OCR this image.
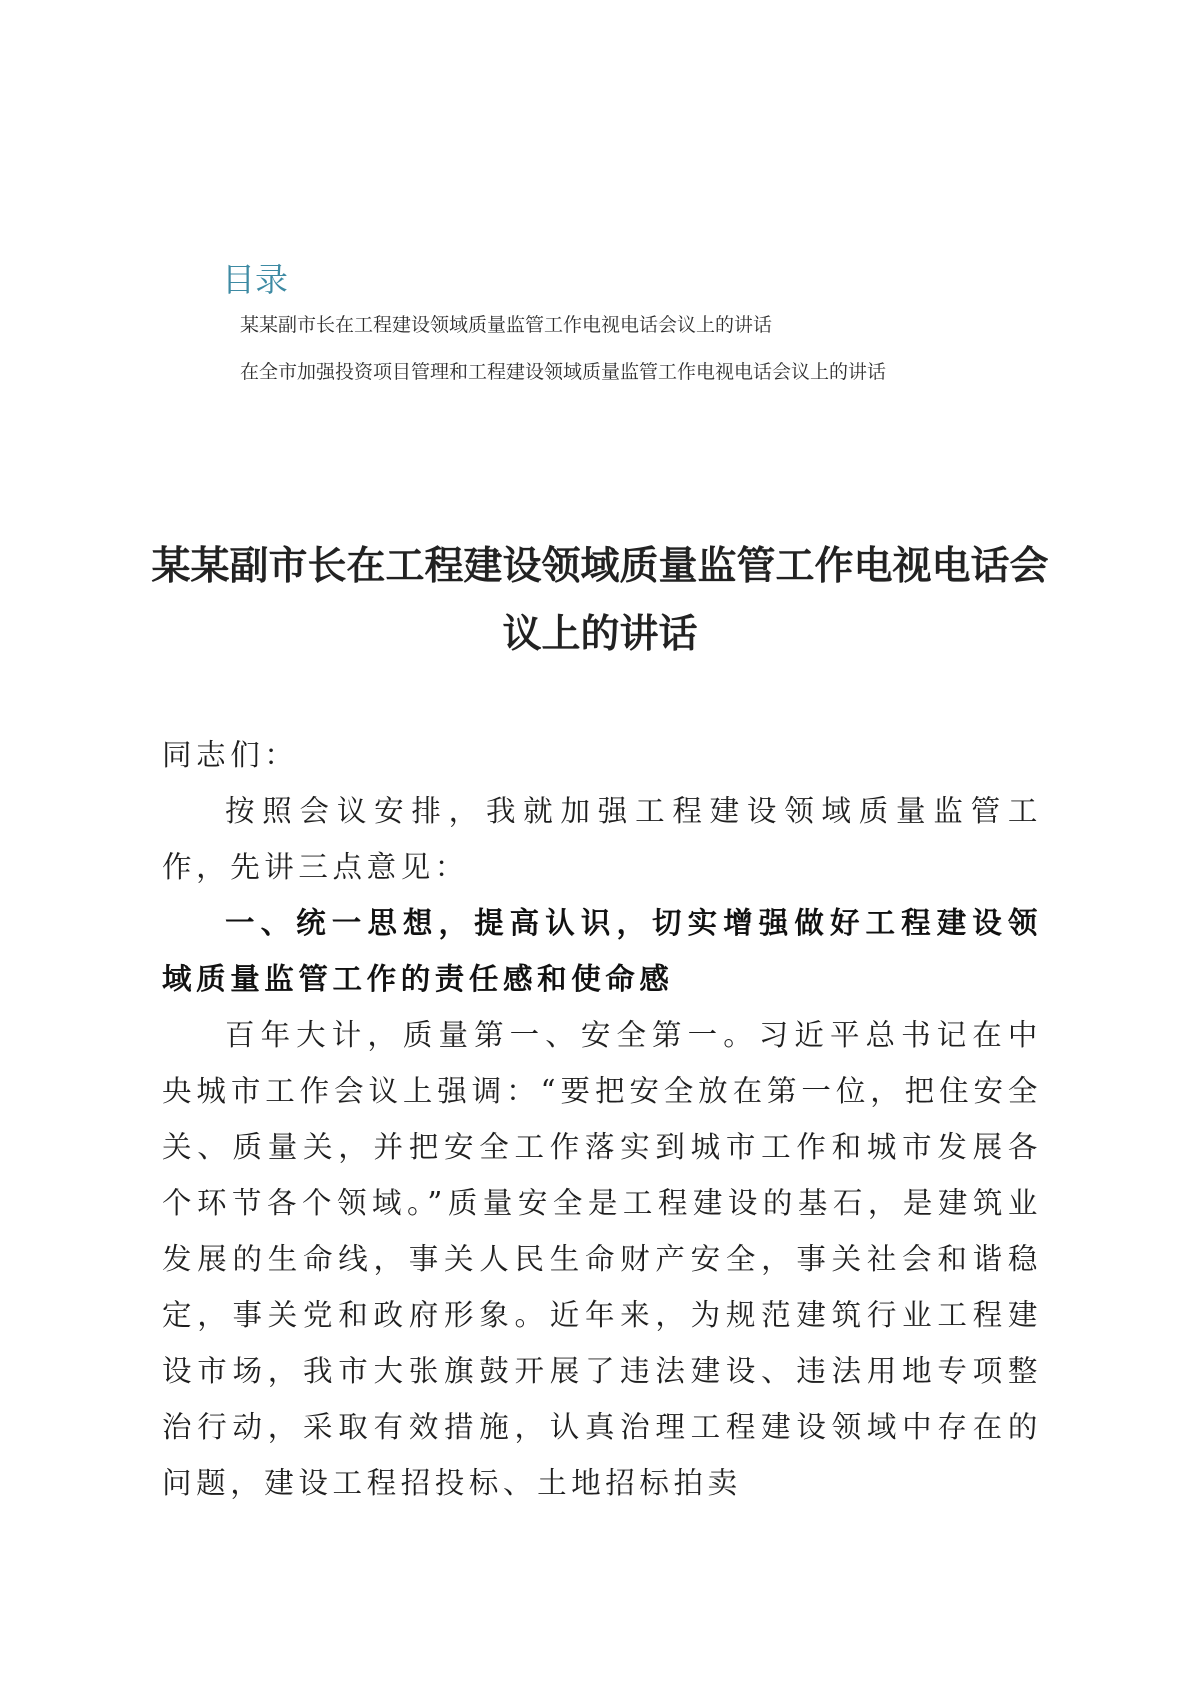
目录
某某副市长在工程建设领域质量监管工作电视电话会议上的讲话
在全市加强投资项目管理和工程建设领域质量监管工作电视电话会议上的讲话
某某副市长在工程建设领域质量监管工作电视电话会议上的讲话

同志们：

按照会议安排，我就加强工程建设领域质量监管工作，先讲三点意见：

一、统一思想，提高认识，切实增强做好工程建设领域质量监管工作的责任感和使命感

百年大计，质量第一、安全第一。习近平总书记在中央城市工作会议上强调：“要把安全放在第一位，把住安全关、质量关，并把安全工作落实到城市工作和城市发展各个环节各个领域。”质量安全是工程建设的基石，是建筑业发展的生命线，事关人民生命财产安全，事关社会和谐稳定，事关党和政府形象。近年来，为规范建筑行业工程建设市场，我市大张旗鼓开展了违法建设、违法用地专项整治行动，采取有效措施，认真治理工程建设领域中存在的问题，建设工程招投标、土地招标拍卖
